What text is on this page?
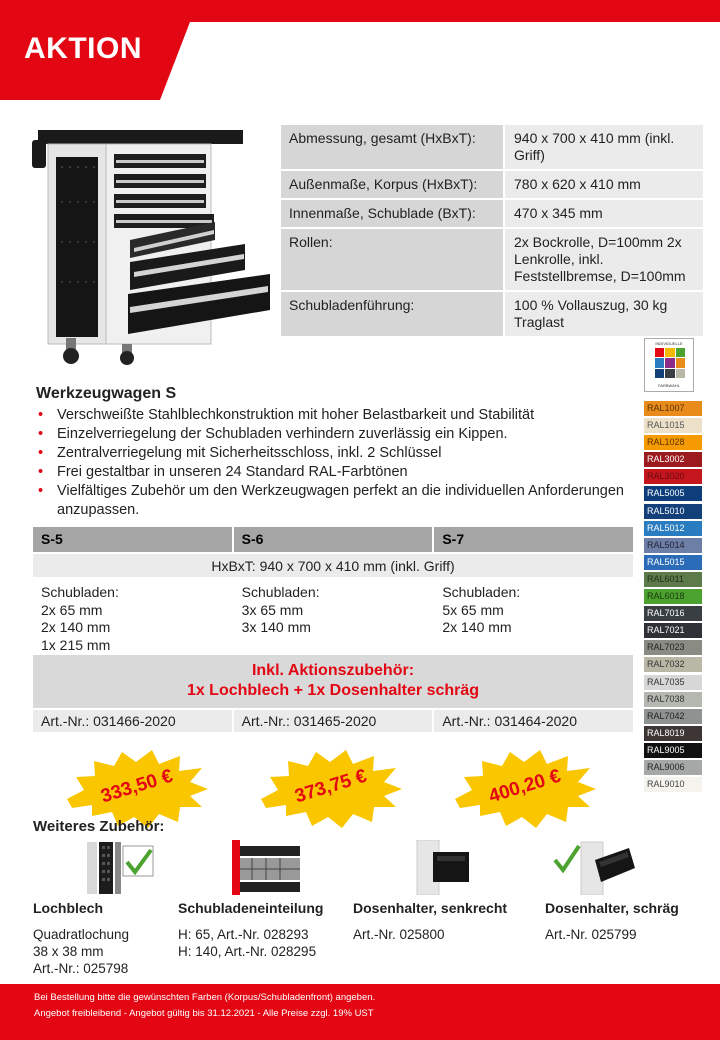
AKTION
Abmessung, gesamt (HxBxT):	940 x 700 x 410 mm (inkl. Griff)
Außenmaße, Korpus (HxBxT):	780 x 620 x 410 mm
Innenmaße, Schublade (BxT):	470 x 345 mm
Rollen:	2x Bockrolle, D=100mm 2x Lenkrolle, inkl. Feststellbremse, D=100mm
Schubladenführung:	100 % Vollauszug, 30 kg Traglast
INDIVIDUELLE
FARBWAHL
RAL1007
RAL1015
RAL1028
RAL3002
RAL3020
RAL5005
RAL5010
RAL5012
RAL5014
RAL5015
RAL6011
RAL6018
RAL7016
RAL7021
RAL7023
RAL7032
RAL7035
RAL7038
RAL7042
RAL8019
RAL9005
RAL9006
RAL9010
Werkzeugwagen S
• Verschweißte Stahlblechkonstruktion mit hoher Belastbarkeit und Stabilität
• Einzelverriegelung der Schubladen verhindern zuverlässig ein Kippen.
• Zentralverriegelung mit Sicherheitsschloss, inkl. 2 Schlüssel
• Frei gestaltbar in unseren 24 Standard RAL-Farbtönen
• Vielfältiges Zubehör um den Werkzeugwagen perfekt an die individuellen Anforderungen anzupassen.
S-5	S-6	S-7
HxBxT: 940 x 700 x 410 mm (inkl. Griff)
Schubladen:
2x 65 mm
2x 140 mm
1x 215 mm
Schubladen:
3x 65 mm
3x 140 mm
Schubladen:
5x 65 mm
2x 140 mm
Inkl. Aktionszubehör:
1x Lochblech + 1x Dosenhalter schräg
Art.-Nr.: 031466-2020	Art.-Nr.: 031465-2020	Art.-Nr.: 031464-2020
333,50 €	373,75 €	400,20 €
Weiteres Zubehör:
Lochblech
Quadratlochung
38 x 38 mm
Art.-Nr.: 025798
Schubladeneinteilung
H: 65, Art.-Nr. 028293
H: 140, Art.-Nr. 028295
Dosenhalter, senkrecht
Art.-Nr. 025800
Dosenhalter, schräg
Art.-Nr. 025799
Bei Bestellung bitte die gewünschten Farben (Korpus/Schubladenfront) angeben.
Angebot freibleibend - Angebot gültig bis 31.12.2021 - Alle Preise zzgl. 19% UST
